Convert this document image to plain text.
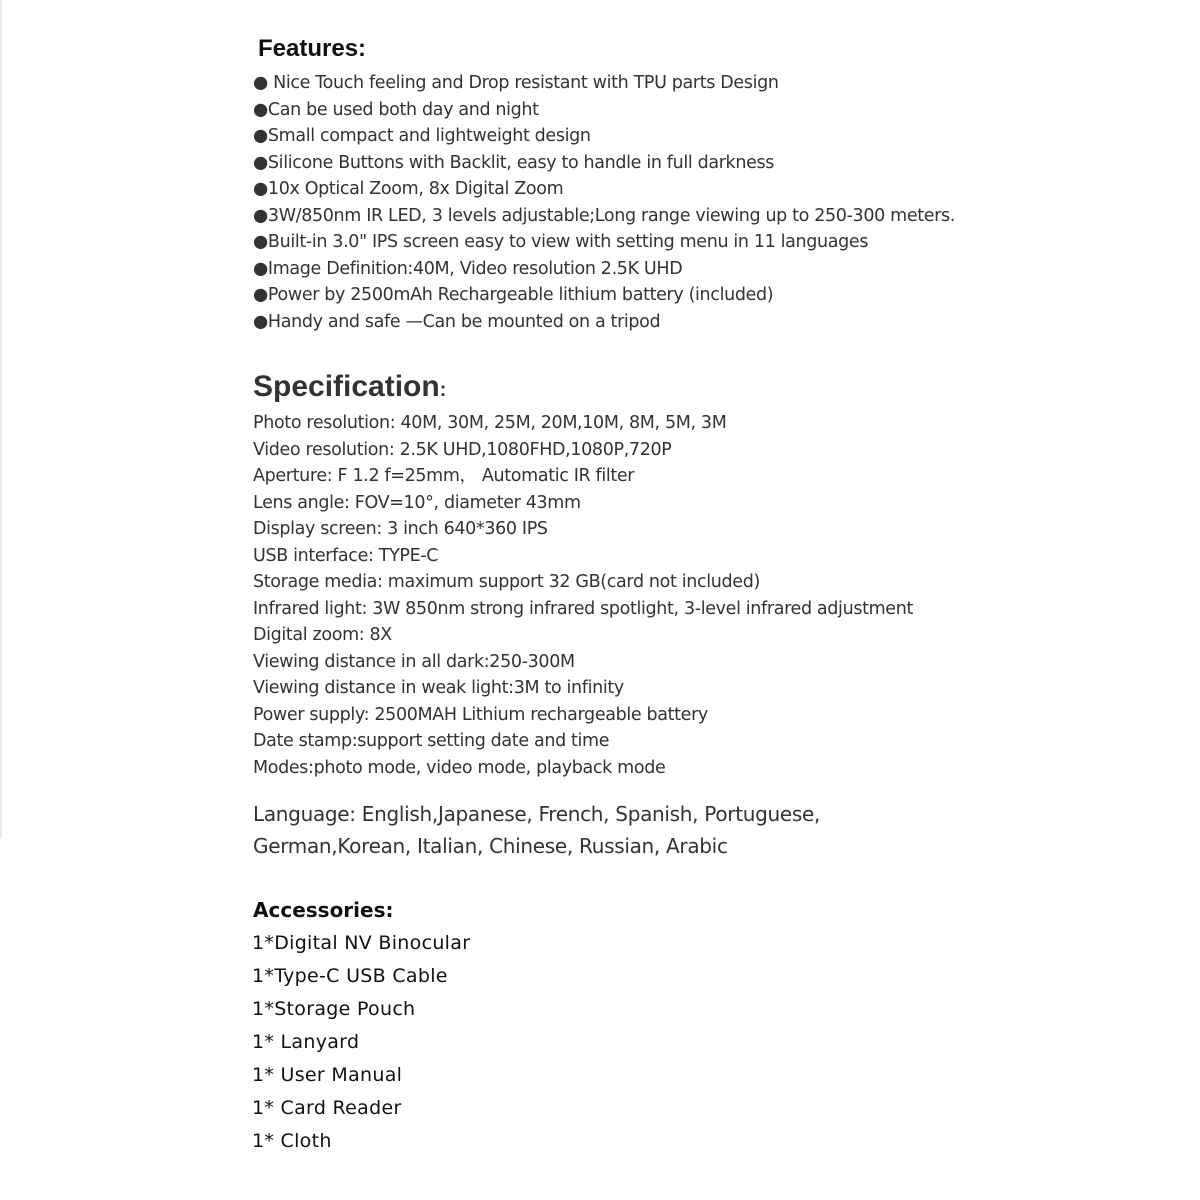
Features:
● Nice Touch feeling and Drop resistant with TPU parts Design
●Can be used both day and night
●Small compact and lightweight design
●Silicone Buttons with Backlit, easy to handle in full darkness
●10x Optical Zoom, 8x Digital Zoom
●3W/850nm IR LED, 3 levels adjustable;Long range viewing up to 250-300 meters.
●Built-in 3.0" IPS screen easy to view with setting menu in 11 languages
●Image Definition:40M, Video resolution 2.5K UHD
●Power by 2500mAh Rechargeable lithium battery (included)
●Handy and safe —Can be mounted on a tripod
Specification:
Photo resolution: 40M, 30M, 25M, 20M,10M, 8M, 5M, 3M
Video resolution: 2.5K UHD,1080FHD,1080P,720P
Aperture: F 1.2 f=25mm， Automatic IR filter
Lens angle: FOV=10°, diameter 43mm
Display screen: 3 inch 640*360 IPS
USB interface: TYPE-C
Storage media: maximum support 32 GB(card not included)
Infrared light: 3W 850nm strong infrared spotlight, 3-level infrared adjustment
Digital zoom: 8X
Viewing distance in all dark:250-300M
Viewing distance in weak light:3M to infinity
Power supply: 2500MAH Lithium rechargeable battery
Date stamp:support setting date and time
Modes:photo mode, video mode, playback mode
Language: English,Japanese, French, Spanish, Portuguese,
German,Korean, Italian, Chinese, Russian, Arabic
Accessories:
1*Digital NV Binocular
1*Type-C USB Cable
1*Storage Pouch
1* Lanyard
1* User Manual
1* Card Reader
1* Cloth
